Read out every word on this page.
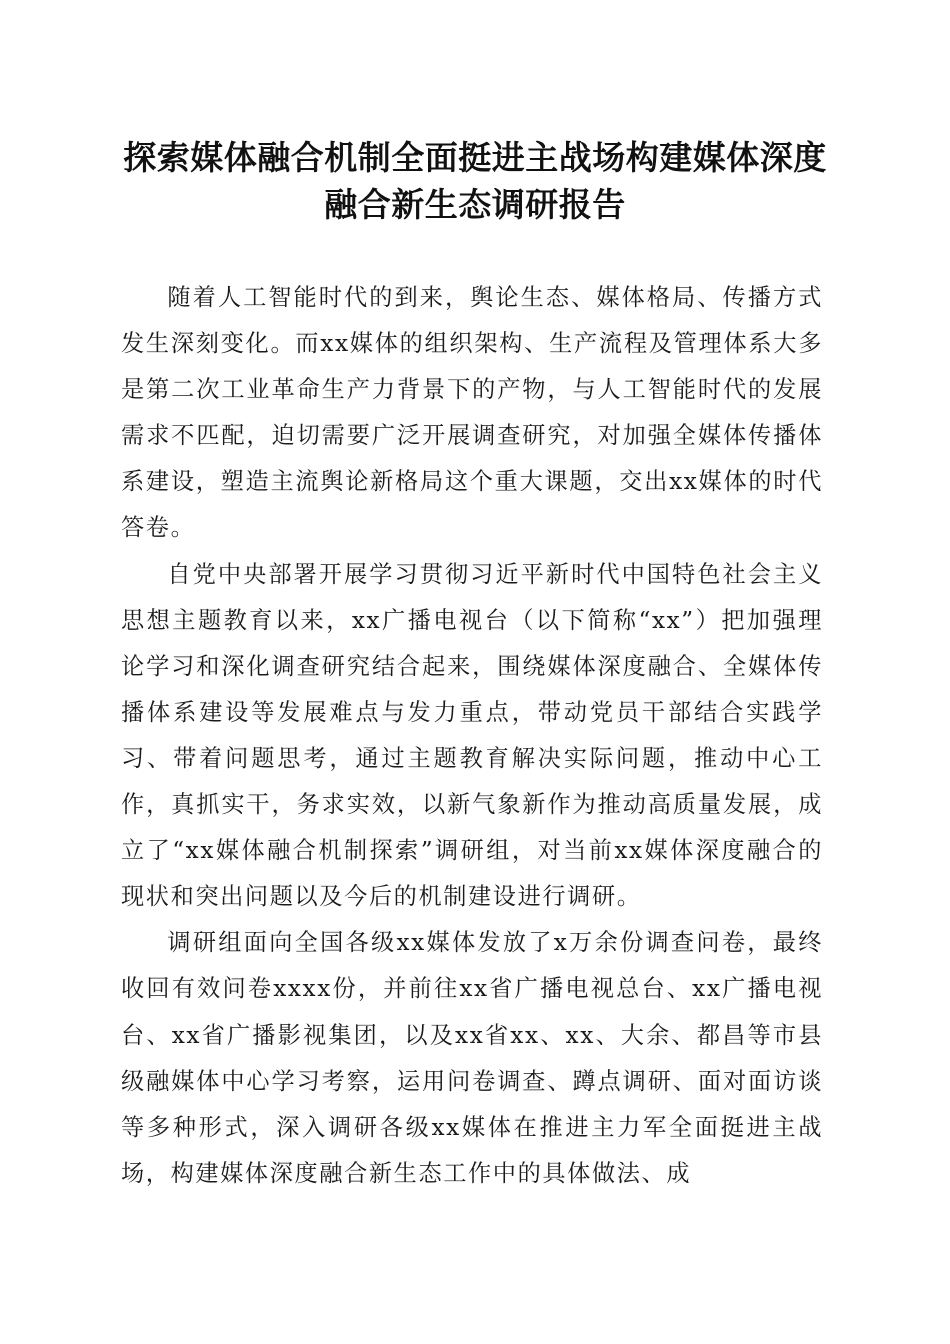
探索媒体融合机制全面挺进主战场构建媒体深度融合新生态调研报告

随着人工智能时代的到来，舆论生态、媒体格局、传播方式发生深刻变化。而xx媒体的组织架构、生产流程及管理体系大多是第二次工业革命生产力背景下的产物，与人工智能时代的发展需求不匹配，迫切需要广泛开展调查研究，对加强全媒体传播体系建设，塑造主流舆论新格局这个重大课题，交出xx媒体的时代答卷。

自党中央部署开展学习贯彻习近平新时代中国特色社会主义思想主题教育以来，xx广播电视台（以下简称“xx”）把加强理论学习和深化调查研究结合起来，围绕媒体深度融合、全媒体传播体系建设等发展难点与发力重点，带动党员干部结合实践学习、带着问题思考，通过主题教育解决实际问题，推动中心工作，真抓实干，务求实效，以新气象新作为推动高质量发展，成立了“xx媒体融合机制探索”调研组，对当前xx媒体深度融合的现状和突出问题以及今后的机制建设进行调研。

调研组面向全国各级xx媒体发放了x万余份调查问卷，最终收回有效问卷xxxx份，并前往xx省广播电视总台、xx广播电视台、xx省广播影视集团，以及xx省xx、xx、大余、都昌等市县级融媒体中心学习考察，运用问卷调查、蹲点调研、面对面访谈等多种形式，深入调研各级xx媒体在推进主力军全面挺进主战场，构建媒体深度融合新生态工作中的具体做法、成
